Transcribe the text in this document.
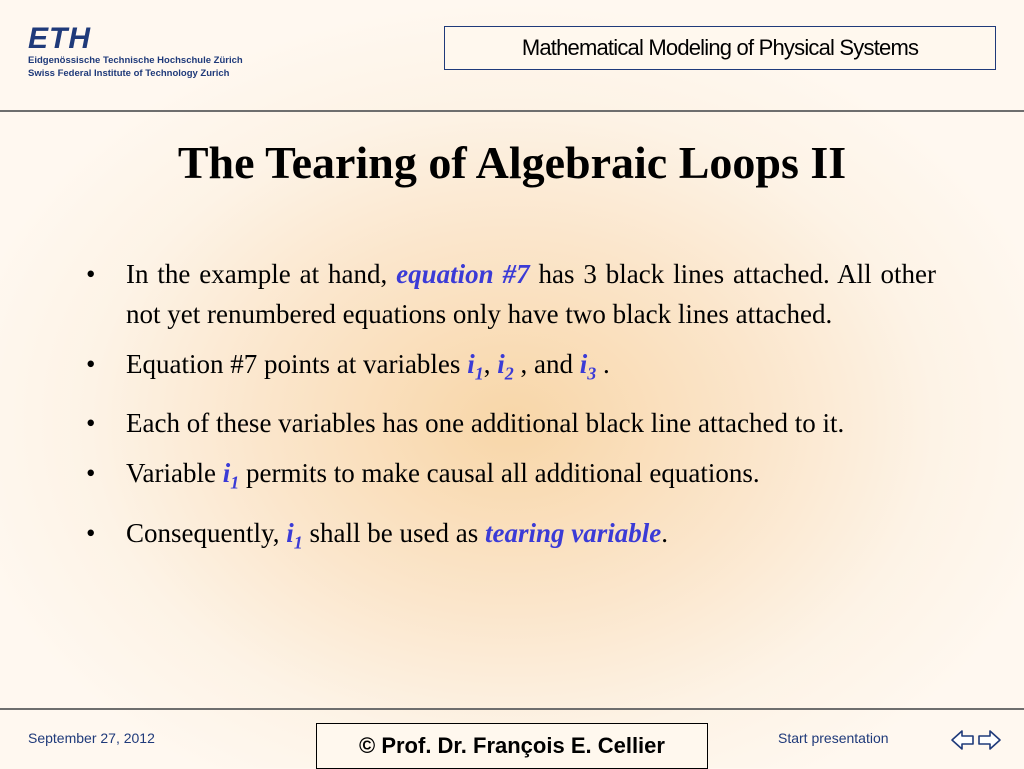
ETH
Eidgenössische Technische Hochschule Zürich
Swiss Federal Institute of Technology Zurich
Mathematical Modeling of Physical Systems
The Tearing of Algebraic Loops II
• In the example at hand, equation #7 has 3 black lines attached. All other not yet renumbered equations only have two black lines attached.
• Equation #7 points at variables $i_1$, $i_2$ , and $i_3$ .
• Each of these variables has one additional black line attached to it.
• Variable $i_1$ permits to make causal all additional equations.
• Consequently, $i_1$ shall be used as tearing variable.
September 27, 2012	© Prof. Dr. François E. Cellier	Start presentation
